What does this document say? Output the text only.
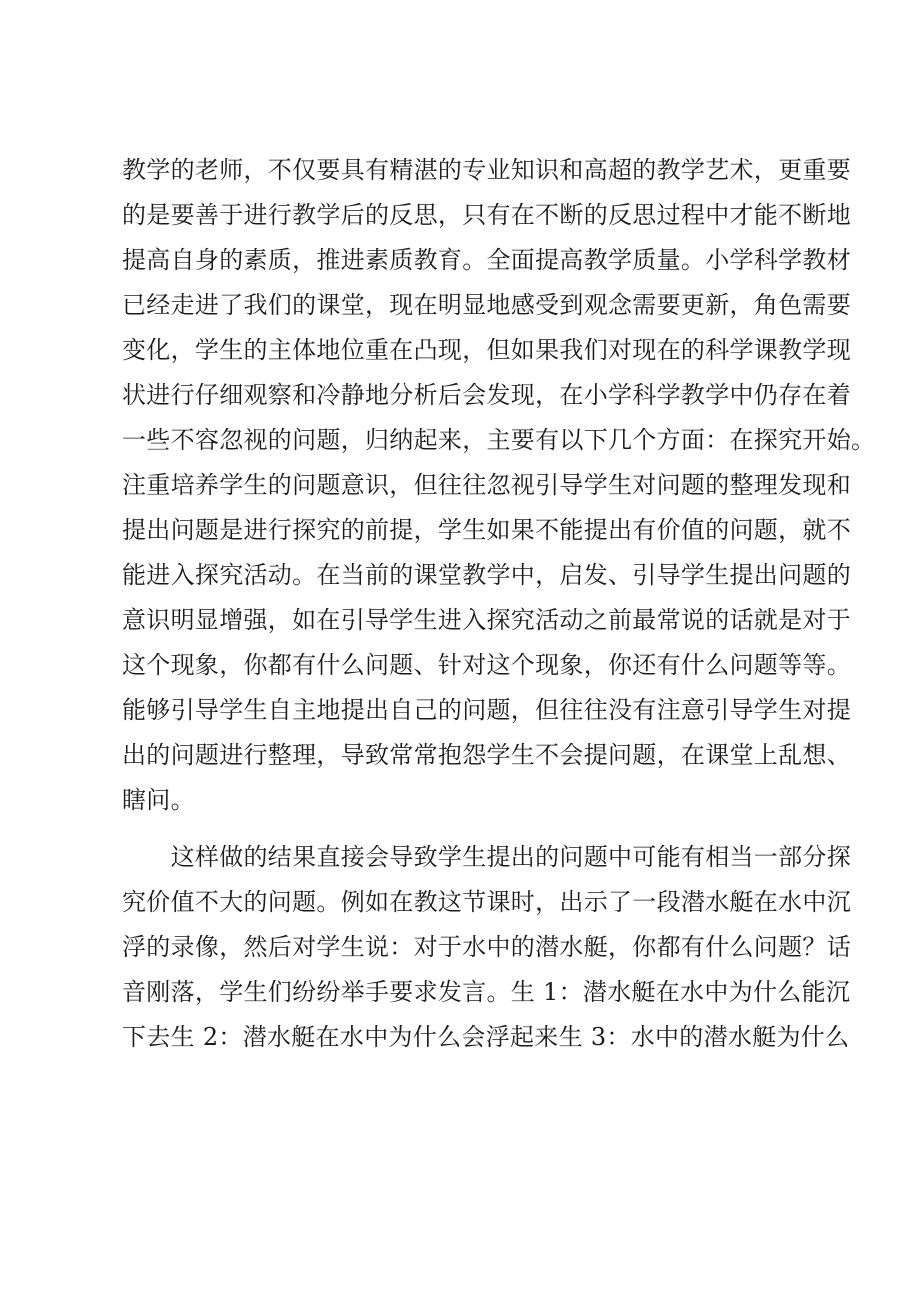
教学的老师，不仅要具有精湛的专业知识和高超的教学艺术，更重要
的是要善于进行教学后的反思，只有在不断的反思过程中才能不断地
提高自身的素质，推进素质教育。全面提高教学质量。小学科学教材
已经走进了我们的课堂，现在明显地感受到观念需要更新，角色需要
变化，学生的主体地位重在凸现，但如果我们对现在的科学课教学现
状进行仔细观察和冷静地分析后会发现，在小学科学教学中仍存在着
一些不容忽视的问题，归纳起来，主要有以下几个方面：在探究开始。
注重培养学生的问题意识，但往往忽视引导学生对问题的整理发现和
提出问题是进行探究的前提，学生如果不能提出有价值的问题，就不
能进入探究活动。在当前的课堂教学中，启发、引导学生提出问题的
意识明显增强，如在引导学生进入探究活动之前最常说的话就是对于
这个现象，你都有什么问题、针对这个现象，你还有什么问题等等。
能够引导学生自主地提出自己的问题，但往往没有注意引导学生对提
出的问题进行整理，导致常常抱怨学生不会提问题，在课堂上乱想、
瞎问。
　　这样做的结果直接会导致学生提出的问题中可能有相当一部分探
究价值不大的问题。例如在教这节课时，出示了一段潜水艇在水中沉
浮的录像，然后对学生说：对于水中的潜水艇，你都有什么问题？话
音刚落，学生们纷纷举手要求发言。生 1：潜水艇在水中为什么能沉
下去生 2：潜水艇在水中为什么会浮起来生 3：水中的潜水艇为什么
